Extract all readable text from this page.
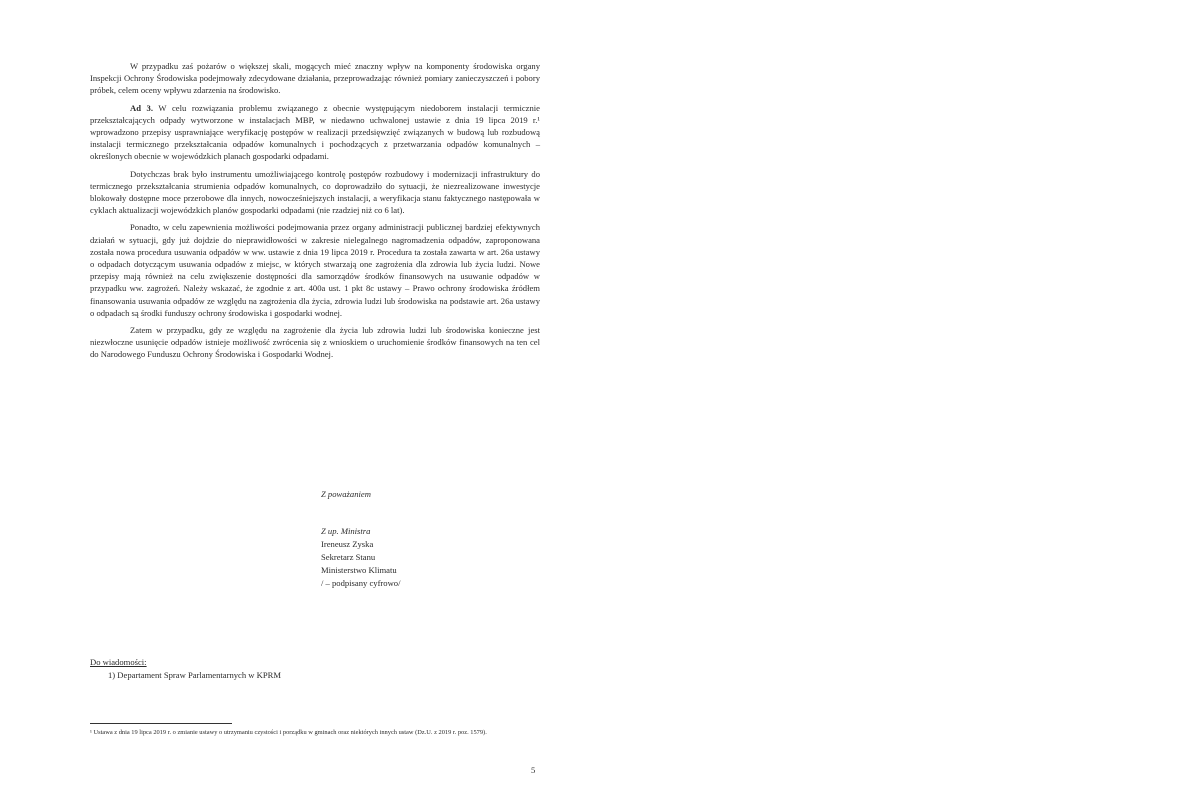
W przypadku zaś pożarów o większej skali, mogących mieć znaczny wpływ na komponenty środowiska organy Inspekcji Ochrony Środowiska podejmowały zdecydowane działania, przeprowadzając również pomiary zanieczyszczeń i pobory próbek, celem oceny wpływu zdarzenia na środowisko.

Ad 3. W celu rozwiązania problemu związanego z obecnie występującym niedoborem instalacji termicznie przekształcających odpady wytworzone w instalacjach MBP, w niedawno uchwalonej ustawie z dnia 19 lipca 2019 r.¹ wprowadzono przepisy usprawniające weryfikację postępów w realizacji przedsięwzięć związanych w budową lub rozbudową instalacji termicznego przekształcania odpadów komunalnych i pochodzących z przetwarzania odpadów komunalnych – określonych obecnie w wojewódzkich planach gospodarki odpadami.

Dotychczas brak było instrumentu umożliwiającego kontrolę postępów rozbudowy i modernizacji infrastruktury do termicznego przekształcania strumienia odpadów komunalnych, co doprowadziło do sytuacji, że niezrealizowane inwestycje blokowały dostępne moce przerobowe dla innych, nowocześniejszych instalacji, a weryfikacja stanu faktycznego następowała w cyklach aktualizacji wojewódzkich planów gospodarki odpadami (nie rzadziej niż co 6 lat).

Ponadto, w celu zapewnienia możliwości podejmowania przez organy administracji publicznej bardziej efektywnych działań w sytuacji, gdy już dojdzie do nieprawidłowości w zakresie nielegalnego nagromadzenia odpadów, zaproponowana została nowa procedura usuwania odpadów w ww. ustawie z dnia 19 lipca 2019 r. Procedura ta została zawarta w art. 26a ustawy o odpadach dotyczącym usuwania odpadów z miejsc, w których stwarzają one zagrożenia dla zdrowia lub życia ludzi. Nowe przepisy mają również na celu zwiększenie dostępności dla samorządów środków finansowych na usuwanie odpadów w przypadku ww. zagrożeń. Należy wskazać, że zgodnie z art. 400a ust. 1 pkt 8c ustawy – Prawo ochrony środowiska źródłem finansowania usuwania odpadów ze względu na zagrożenia dla życia, zdrowia ludzi lub środowiska na podstawie art. 26a ustawy o odpadach są środki funduszy ochrony środowiska i gospodarki wodnej.

Zatem w przypadku, gdy ze względu na zagrożenie dla życia lub zdrowia ludzi lub środowiska konieczne jest niezwłoczne usunięcie odpadów istnieje możliwość zwrócenia się z wnioskiem o uruchomienie środków finansowych na ten cel do Narodowego Funduszu Ochrony Środowiska i Gospodarki Wodnej.

Z poważaniem
Z up. Ministra
Ireneusz Zyska
Sekretarz Stanu
Ministerstwo Klimatu
/ – podpisany cyfrowo/
Do wiadomości:
1) Departament Spraw Parlamentarnych w KPRM
¹ Ustawa z dnia 19 lipca 2019 r. o zmianie ustawy o utrzymaniu czystości i porządku w gminach oraz niektórych innych ustaw (Dz.U. z 2019 r. poz. 1579).
5
